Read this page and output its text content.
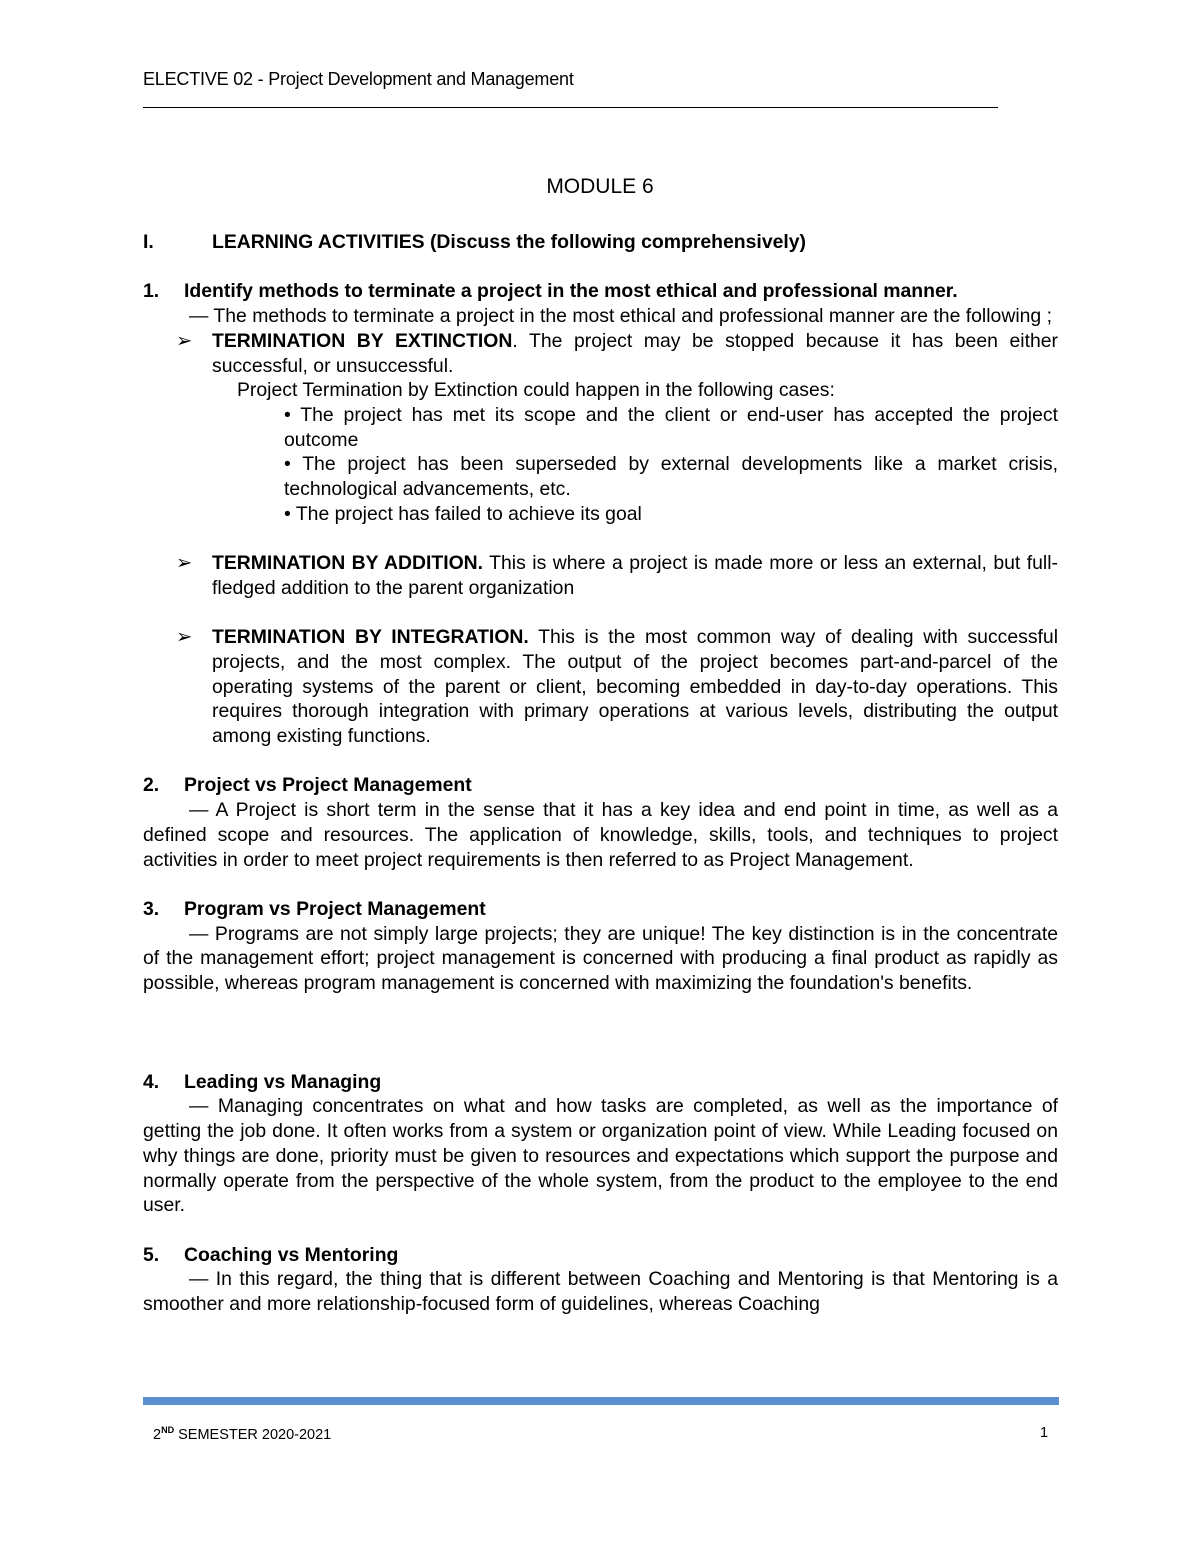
ELECTIVE 02 - Project Development and Management
MODULE 6
I.	LEARNING ACTIVITIES (Discuss the following comprehensively)
1.	Identify methods to terminate a project in the most ethical and professional manner.

— The methods to terminate a project in the most ethical and professional manner are the following ;

➢ TERMINATION BY EXTINCTION. The project may be stopped because it has been either successful, or unsuccessful.

Project Termination by Extinction could happen in the following cases:

• The project has met its scope and the client or end-user has accepted the project outcome

• The project has been superseded by external developments like a market crisis, technological advancements, etc.

• The project has failed to achieve its goal

➢ TERMINATION BY ADDITION. This is where a project is made more or less an external, but full-fledged addition to the parent organization

➢ TERMINATION BY INTEGRATION. This is the most common way of dealing with successful projects, and the most complex. The output of the project becomes part-and-parcel of the operating systems of the parent or client, becoming embedded in day-to-day operations. This requires thorough integration with primary operations at various levels, distributing the output among existing functions.

2.	Project vs Project Management

— A Project is short term in the sense that it has a key idea and end point in time, as well as a defined scope and resources. The application of knowledge, skills, tools, and techniques to project activities in order to meet project requirements is then referred to as Project Management.

3.	Program vs Project Management

— Programs are not simply large projects; they are unique! The key distinction is in the concentrate of the management effort; project management is concerned with producing a final product as rapidly as possible, whereas program management is concerned with maximizing the foundation's benefits.

4.	Leading vs Managing

— Managing concentrates on what and how tasks are completed, as well as the importance of getting the job done. It often works from a system or organization point of view. While Leading focused on why things are done, priority must be given to resources and expectations which support the purpose and normally operate from the perspective of the whole system, from the product to the employee to the end user.

5.	Coaching vs Mentoring

— In this regard, the thing that is different between Coaching and Mentoring is that Mentoring is a smoother and more relationship-focused form of guidelines, whereas Coaching

2ND SEMESTER 2020-2021	1
